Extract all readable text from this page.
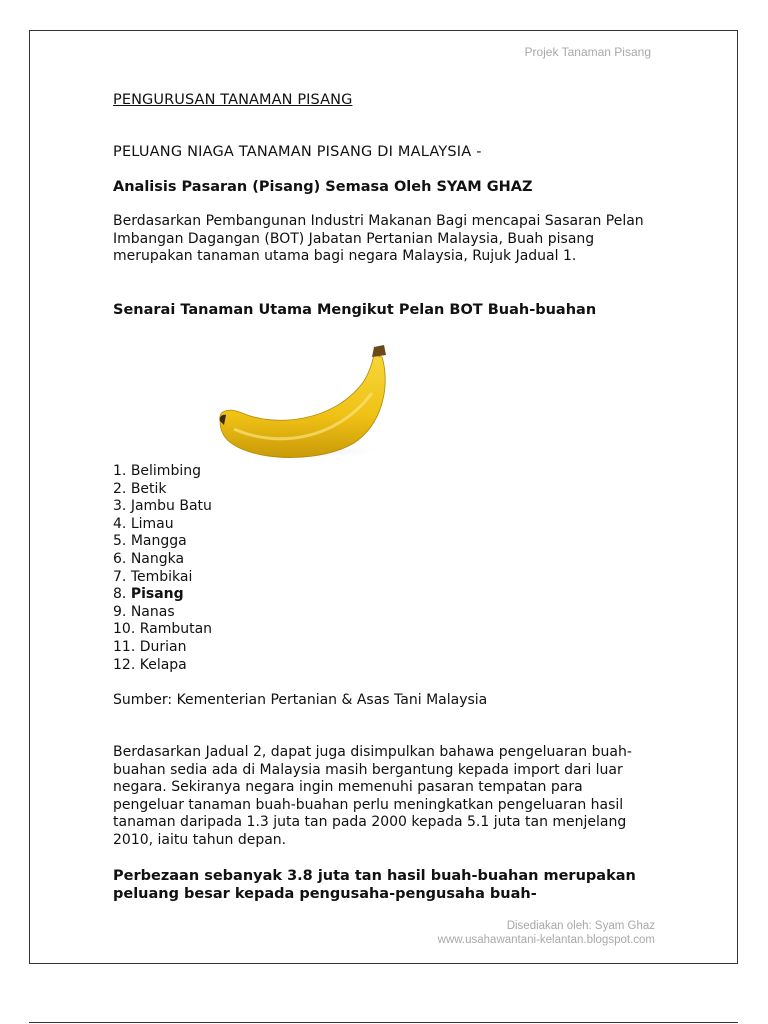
Projek Tanaman Pisang
PENGURUSAN TANAMAN PISANG
PELUANG NIAGA TANAMAN PISANG DI MALAYSIA -
Analisis Pasaran (Pisang) Semasa Oleh SYAM GHAZ
Berdasarkan Pembangunan Industri Makanan Bagi mencapai Sasaran Pelan Imbangan Dagangan (BOT) Jabatan Pertanian Malaysia, Buah pisang merupakan tanaman utama bagi negara Malaysia, Rujuk Jadual 1.
Senarai Tanaman Utama Mengikut Pelan BOT Buah-buahan
1. Belimbing
2. Betik
3. Jambu Batu
4. Limau
5. Mangga
6. Nangka
7. Tembikai
8. Pisang
9. Nanas
10. Rambutan
11. Durian
12. Kelapa
Sumber: Kementerian Pertanian & Asas Tani Malaysia
Berdasarkan Jadual 2, dapat juga disimpulkan bahawa pengeluaran buah-buahan sedia ada di Malaysia masih bergantung kepada import dari luar negara. Sekiranya negara ingin memenuhi pasaran tempatan para pengeluar tanaman buah-buahan perlu meningkatkan pengeluaran hasil tanaman daripada 1.3 juta tan pada 2000 kepada 5.1 juta tan menjelang 2010, iaitu tahun depan.
Perbezaan sebanyak 3.8 juta tan hasil buah-buahan merupakan peluang besar kepada pengusaha-pengusaha buah-
Disediakan oleh: Syam Ghaz
www.usahawantani-kelantan.blogspot.com
